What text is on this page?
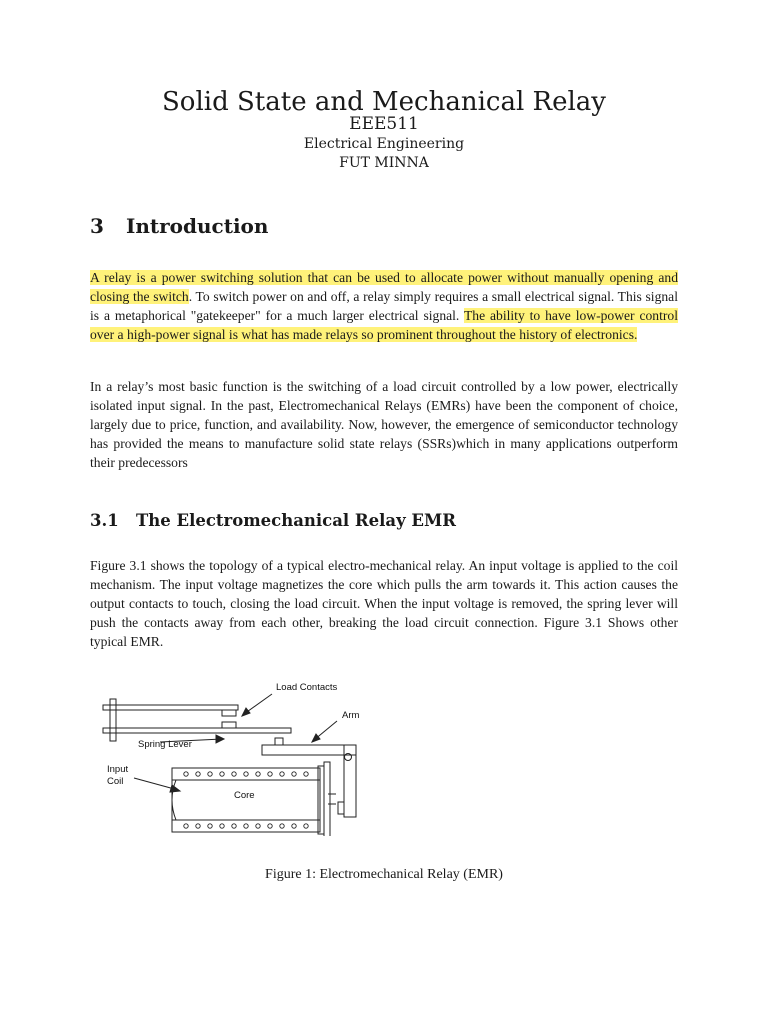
Solid State and Mechanical Relay
EEE511
Electrical Engineering
FUT MINNA
3 Introduction
A relay is a power switching solution that can be used to allocate power without manually opening and closing the switch. To switch power on and off, a relay simply requires a small electrical signal. This signal is a metaphorical "gatekeeper" for a much larger electrical signal. The ability to have low-power control over a high-power signal is what has made relays so prominent throughout the history of electronics.
In a relay’s most basic function is the switching of a load circuit controlled by a low power, electrically isolated input signal. In the past, Electromechanical Relays (EMRs) have been the component of choice, largely due to price, function, and availability. Now, however, the emergence of semiconductor technology has provided the means to manufacture solid state relays (SSRs)which in many applications outperform their predecessors
3.1 The Electromechanical Relay EMR
Figure 3.1 shows the topology of a typical electro-mechanical relay. An input voltage is applied to the coil mechanism. The input voltage magnetizes the core which pulls the arm towards it. This action causes the output contacts to touch, closing the load circuit. When the input voltage is removed, the spring lever will push the contacts away from each other, breaking the load circuit connection. Figure 3.1 Shows other typical EMR.
Load Contacts
Arm
Spring Lever
Input
Coil
Core
Figure 1: Electromechanical Relay (EMR)
